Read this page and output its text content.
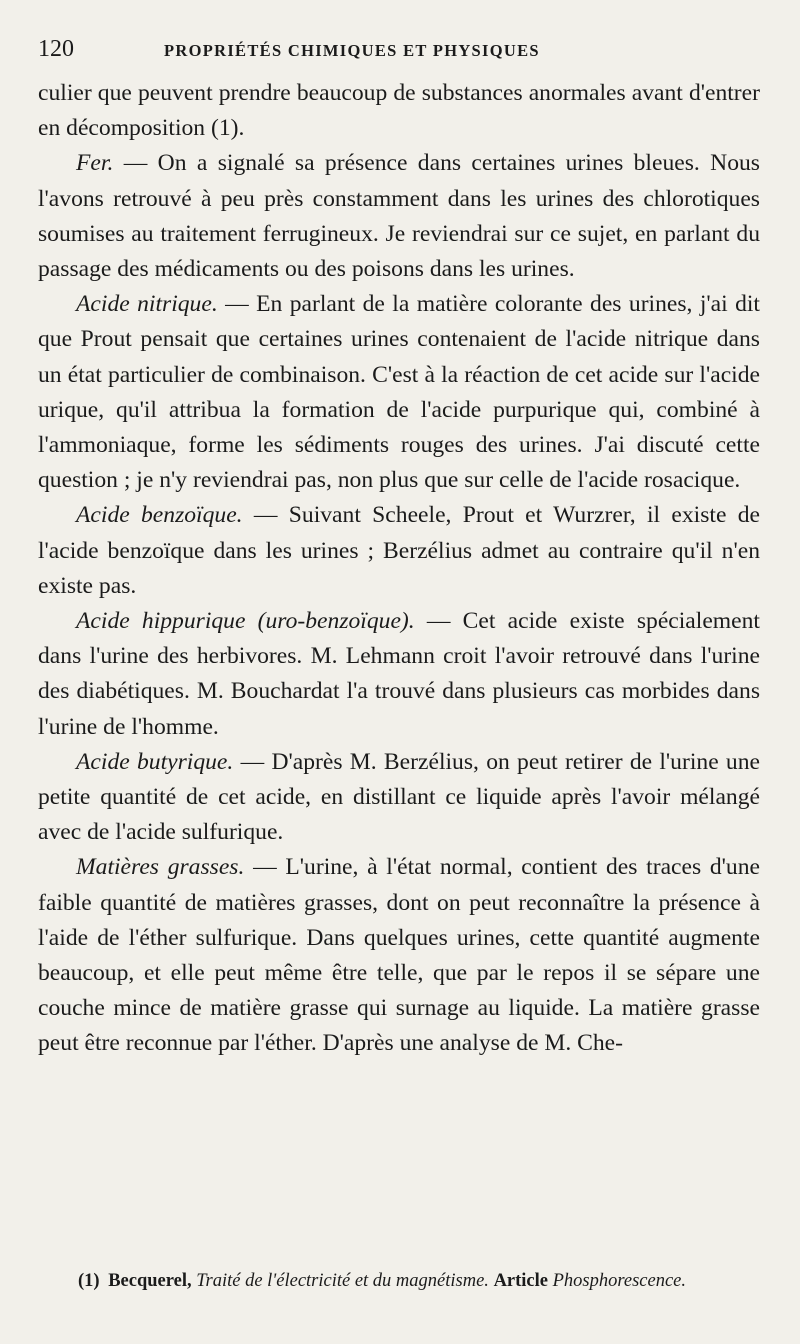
120	PROPRIÉTÉS CHIMIQUES ET PHYSIQUES

culier que peuvent prendre beaucoup de substances anormales avant d'entrer en décomposition (1).

Fer. — On a signalé sa présence dans certaines urines bleues. Nous l'avons retrouvé à peu près constamment dans les urines des chlorotiques soumises au traitement ferrugineux. Je reviendrai sur ce sujet, en parlant du passage des médicaments ou des poisons dans les urines.

Acide nitrique. — En parlant de la matière colorante des urines, j'ai dit que Prout pensait que certaines urines contenaient de l'acide nitrique dans un état particulier de combinaison. C'est à la réaction de cet acide sur l'acide urique, qu'il attribua la formation de l'acide purpurique qui, combiné à l'ammoniaque, forme les sédiments rouges des urines. J'ai discuté cette question ; je n'y reviendrai pas, non plus que sur celle de l'acide rosacique.

Acide benzoïque. — Suivant Scheele, Prout et Wurzrer, il existe de l'acide benzoïque dans les urines ; Berzélius admet au contraire qu'il n'en existe pas.

Acide hippurique (uro-benzoïque). — Cet acide existe spécialement dans l'urine des herbivores. M. Lehmann croit l'avoir retrouvé dans l'urine des diabétiques. M. Bouchardat l'a trouvé dans plusieurs cas morbides dans l'urine de l'homme.

Acide butyrique. — D'après M. Berzélius, on peut retirer de l'urine une petite quantité de cet acide, en distillant ce liquide après l'avoir mélangé avec de l'acide sulfurique.

Matières grasses. — L'urine, à l'état normal, contient des traces d'une faible quantité de matières grasses, dont on peut reconnaître la présence à l'aide de l'éther sulfurique. Dans quelques urines, cette quantité augmente beaucoup, et elle peut même être telle, que par le repos il se sépare une couche mince de matière grasse qui surnage au liquide. La matière grasse peut être reconnue par l'éther. D'après une analyse de M. Che-

(1) Becquerel, Traité de l'électricité et du magnétisme. Article Phosphorescence.
